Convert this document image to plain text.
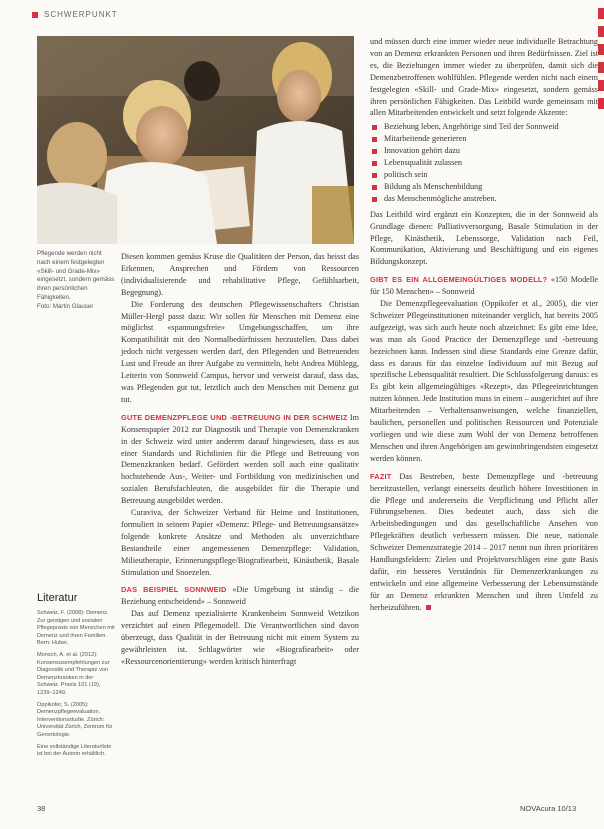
SCHWERPUNKT
Pflegende werden nicht nach einem festgelegten «Skill- und Grade-Mix» eingesetzt, sondern gemäss ihren persönlichen Fähigkeiten.
Foto: Martin Glauser

Diesen kommen gemäss Kruse die Qualitäten der Person, das heisst das Erkennen, Ansprechen und Fördern von Ressourcen (individualisierende und rehabilitative Pflege, Gefühlsarbeit, Begegnung).

Die Forderung des deutschen Pflegewissenschafters Christian Müller-Hergl passt dazu: Wir sollen für Menschen mit Demenz eine möglichst «spannungsfreie» Umgebungsschaffen, um ihre Kompatibilität mit den Normalbedürfnissen herzustellen. Dass dabei jedoch nicht vergessen werden darf, den Pflegenden und Betreuenden Lust und Freude an ihrer Aufgabe zu vermitteln, hebt Andrea Mühlegg, Leiterin von Sonnweid Campus, hervor und verweist darauf, dass das, was Pflegenden gut tut, letztlich auch den Menschen mit Demenz gut tut.

GUTE DEMENZPFLEGE UND -BETREUUNG IN DER SCHWEIZ Im Konsenspapier 2012 zur Diagnostik und Therapie von Demenzkranken in der Schweiz wird unter anderem darauf hingewiesen, dass es aus einer Standards und Richtlinien für die Pflege und Betreuung von Demenzkranken bedarf. Gefördert werden soll auch eine qualitativ hochstehende Aus-, Weiter- und Fortbildung von medizinischen und sozialen Berufsfachleuten, die ausgebildet für die Therapie und Betreuung ausgebildet werden.

Curaviva, der Schweizer Verband für Heime und Institutionen, formuliert in seinem Papier «Demenz: Pflege- und Betreuungsansätze» folgende konkrete Ansätze und Methoden als unverzichtbare Bestandteile einer angemessenen Demenzpflege: Validation, Milieutherapie, Erinnerungspflege/Biografiearbeit, Kinästhetik, Basale Stimulation und Snoezelen.

DAS BEISPIEL SONNWEID «Die Umgebung ist ständig – die Beziehung entscheidend» – Sonnweid

Das auf Demenz spezialisierte Krankenheim Sonnweid Wetzikon verzichtet auf einen Pflegemodell. Die Verantwortlichen sind davon überzeugt, dass Qualität in der Betreuung nicht mit einem System zu gewährleisten ist. Schlagwörter wie «Biografiearbeit» oder «Ressourcenorientierung» werden kritisch hinterfragt

und müssen durch eine immer wieder neue individuelle Betrachtung von an Demenz erkrankten Personen und ihren Bedürfnissen. Ziel ist es, die Beziehungen immer wieder zu überprüfen, damit sich die Demenzbetroffenen wohlfühlen. Pflegende werden nicht nach einem festgelegten «Skill- und Grade-Mix» eingesetzt, sondern gemäss ihren persönlichen Fähigkeiten. Das Leitbild wurde gemeinsam mit allen Mitarbeitenden entwickelt und setzt folgende Akzente:

Beziehung leben, Angehörige sind Teil der Sonnweid
Mitarbeitende generieren
Innovation gehört dazu
Lebensqualität zulassen
politisch sein
Bildung als Menschenbildung
das Menschenmögliche anstreben.

Das Leitbild wird ergänzt ein Konzepten, die in der Sonnweid als Grundlage dienen: Palliativversorgung, Basale Stimulation in der Pflege, Kinästhetik, Lebenssorge, Validation nach Feil, Kommunikation, Aktivierung und Beschäftigung und ein eigenes Bildungskonzept.

GIBT ES EIN ALLGEMEINGÜLTIGES MODELL? «150 Modelle für 150 Menschen» – Sonnweid

Die Demenzpflegeevaluation (Oppikofer et al., 2005), die vier Schweizer Pflegeinstitutionen miteinander verglich, hat bereits 2005 aufgezeigt, was sich auch heute noch abzeichnet: Es gibt eine Idee, was man als Good Practice der Demenzpflege und -betreuung bezeichnen kann. Indessen sind diese Standards eine Grenze dafür, dass es daraus für das einzelne Individuum auf mit Bezug auf spezifische Lebensqualität resultiert. Die Schlussfolgerung daraus: es Es gibt kein allgemeingültiges «Rezept», das Pflegeeinrichtungen nutzen können. Jede Institution muss in einem – ausgerichtet auf ihre Mitarbeitenden – Verhaltensanweisungen, welche finanziellen, baulichen, personellen und politischen Ressourcen und Potenziale vorliegen und wie diese zum Wohl der von Demenz betroffenen Menschen und ihren Angehörigen am gewinnbringendsten eingesetzt werden können.

FAZIT Das Bestreben, beste Demenzpflege und -betreuung bereitzustellen, verlangt einerseits deutlich höhere Investitionen in die Pflege und andererseits die Verpflichtung und Pflicht aller Führungsebenen. Dies bedeutet auch, dass sich die Arbeitsbedingungen und das gesellschaftliche Ansehen von Pflegekräften deutlich verbessern müssen. Die neue, nationale Schweizer Demenzstrategie 2014 – 2017 nennt nun ihren prioritären Handlungsfeldern: Zielen und Projektvorschlägen eine gute Basis dafür, ein besseres Verständnis für Demenzerkrankungen zu entwickeln und eine allgemeine Verbesserung der Lebensumstände für an Demenz erkrankten Menschen und ihren Umfeld zu herbeizuführen.

Literatur

Schweiz, F. (2008): Demenz. Zur geistigen und sozialen Pflegepraxis von Menschen mit Demenz und ihren Familien. Bern: Huber.

Monsch, A. et al. (2012): Konsensusempfehlungen zur Diagnostik und Therapie von Demenzkranken in der Schweiz. Praxis 101 (19), 1239–1249.

Oppikofer, S. (2005): Demenzpflegeevaluation. Interventionsstudie. Zürich: Universität Zürich, Zentrum für Gerontologie.

Eine vollständige Literaturliste ist bei der Autorin erhältlich.

38	NOVAcura 10/13
